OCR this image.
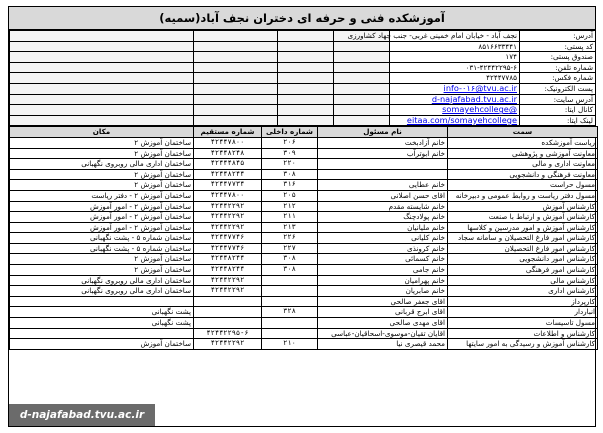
آموزشکده فنی و حرفه ای دختران نجف آباد(سمیه)
آدرس:	نجف آباد - خیابان امام خمینی غربی- جنب جهاد کشاورزی				
کد پستی:	۸۵۱۶۶۳۳۴۴۱				
صندوق پستی:	۱۷۴				
شماره تلفن:	۰۳۱-۴۲۴۴۲۲۹۵-۶				
شماره فکس:	۴۲۴۴۷۷۸۵				
پست الکترونیک:	info-۰۱۶@tvu.ac.ir				
آدرس سایت:	d-najafabad.tvu.ac.ir				
کانال ایتا:	@somayehcollege				
لینک ایتا:	eitaa.com/somayehcollege				
سمت	نام مسئول	شماره داخلی	شماره مستقیم	مکان
ریاست آموزشکده	خانم آزادبخت	۲۰۶	۴۲۴۴۷۸۰۰	ساختمان آموزش ۲
معاونت آموزشی و پژوهشی	خانم ابوترآب	۳۰۹	۴۲۴۴۸۲۴۸	ساختمان آموزش ۲
معاونت اداری و مالی		۲۲۰	۴۲۴۴۴۸۴۵	ساختمان اداری مالی روبروی نگهبانی
معاونت فرهنگی و دانشجویی		۳۰۸	۴۲۴۴۸۲۴۴	ساختمان آموزش ۲
مسول حراست	خانم عطایی	۳۱۶	۴۲۴۴۷۷۳۴	ساختمان آموزش ۲
مسول دفتر ریاست و روابط عمومی و دبیرخانه	اقای حسن اصلانی	۲۰۵	۴۲۴۴۷۸۰۰	ساختمان آموزش ۲ - دفتر ریاست
کارشناس آموزش	خانم شایسته مقدم	۲۱۲	۴۲۴۴۲۲۹۲	ساختمان آموزش ۲ - امور آموزش
کارشناس آموزش و ارتباط با صنعت	خانم پولادچنگ	۲۱۱	۴۲۴۴۲۲۹۲	ساختمان آموزش ۲ - امور آموزش
کارشناس آموزش و امور مدرسین و کلاسها	خانم ملیانیان	۲۱۳	۴۲۴۴۲۲۹۲	ساختمان آموزش ۲ - امور آموزش
کارشناس امور فارغ التحصیلان و سامانه سجاد	خانم کلیانی	۲۲۶	۴۲۴۴۷۷۴۶	ساختمان شماره ۵ - پشت نگهبانی
کارشناس امور فارغ التحصیلان	خانم کرونذی	۲۲۷	۴۲۴۴۷۷۴۶	ساختمان شماره ۵ - پشت نگهبانی
کارشناس امور دانشجویی	خانم کسمائی	۳۰۸	۴۲۴۴۸۲۴۴	ساختمان آموزش ۲
کارشناس امور فرهنگی	خانم جامی	۳۰۸	۴۲۴۴۸۲۴۴	ساختمان آموزش ۲
کارشناس مالی	خانم پهرامیان		۴۲۴۴۲۲۹۲	ساختمان اداری مالی روبروی نگهبانی
کارشناس اداری	خانم صابریان		۴۲۴۴۲۲۹۲	ساختمان اداری مالی روبروی نگهبانی
کارپرداز	اقای جعفر صالحی			
انباردار	اقای ابرج قربانی	۳۲۸		پشت نگهبانی
مسول تاسیسات	اقای مهدی صالحی			پشت نگهبانی
کارشناس و اطلاعات	اقایان تقیان-موسوی-اسحاقیان-عباسی		۴۲۴۴۲۲۹۵-۶	
کارشناس آموزش و رسیدگی به امور سایتها	محمد قیصری نیا	۲۱۰	۴۲۴۴۲۲۹۲	ساختمان آموزش
d-najafabad.tvu.ac.ir
